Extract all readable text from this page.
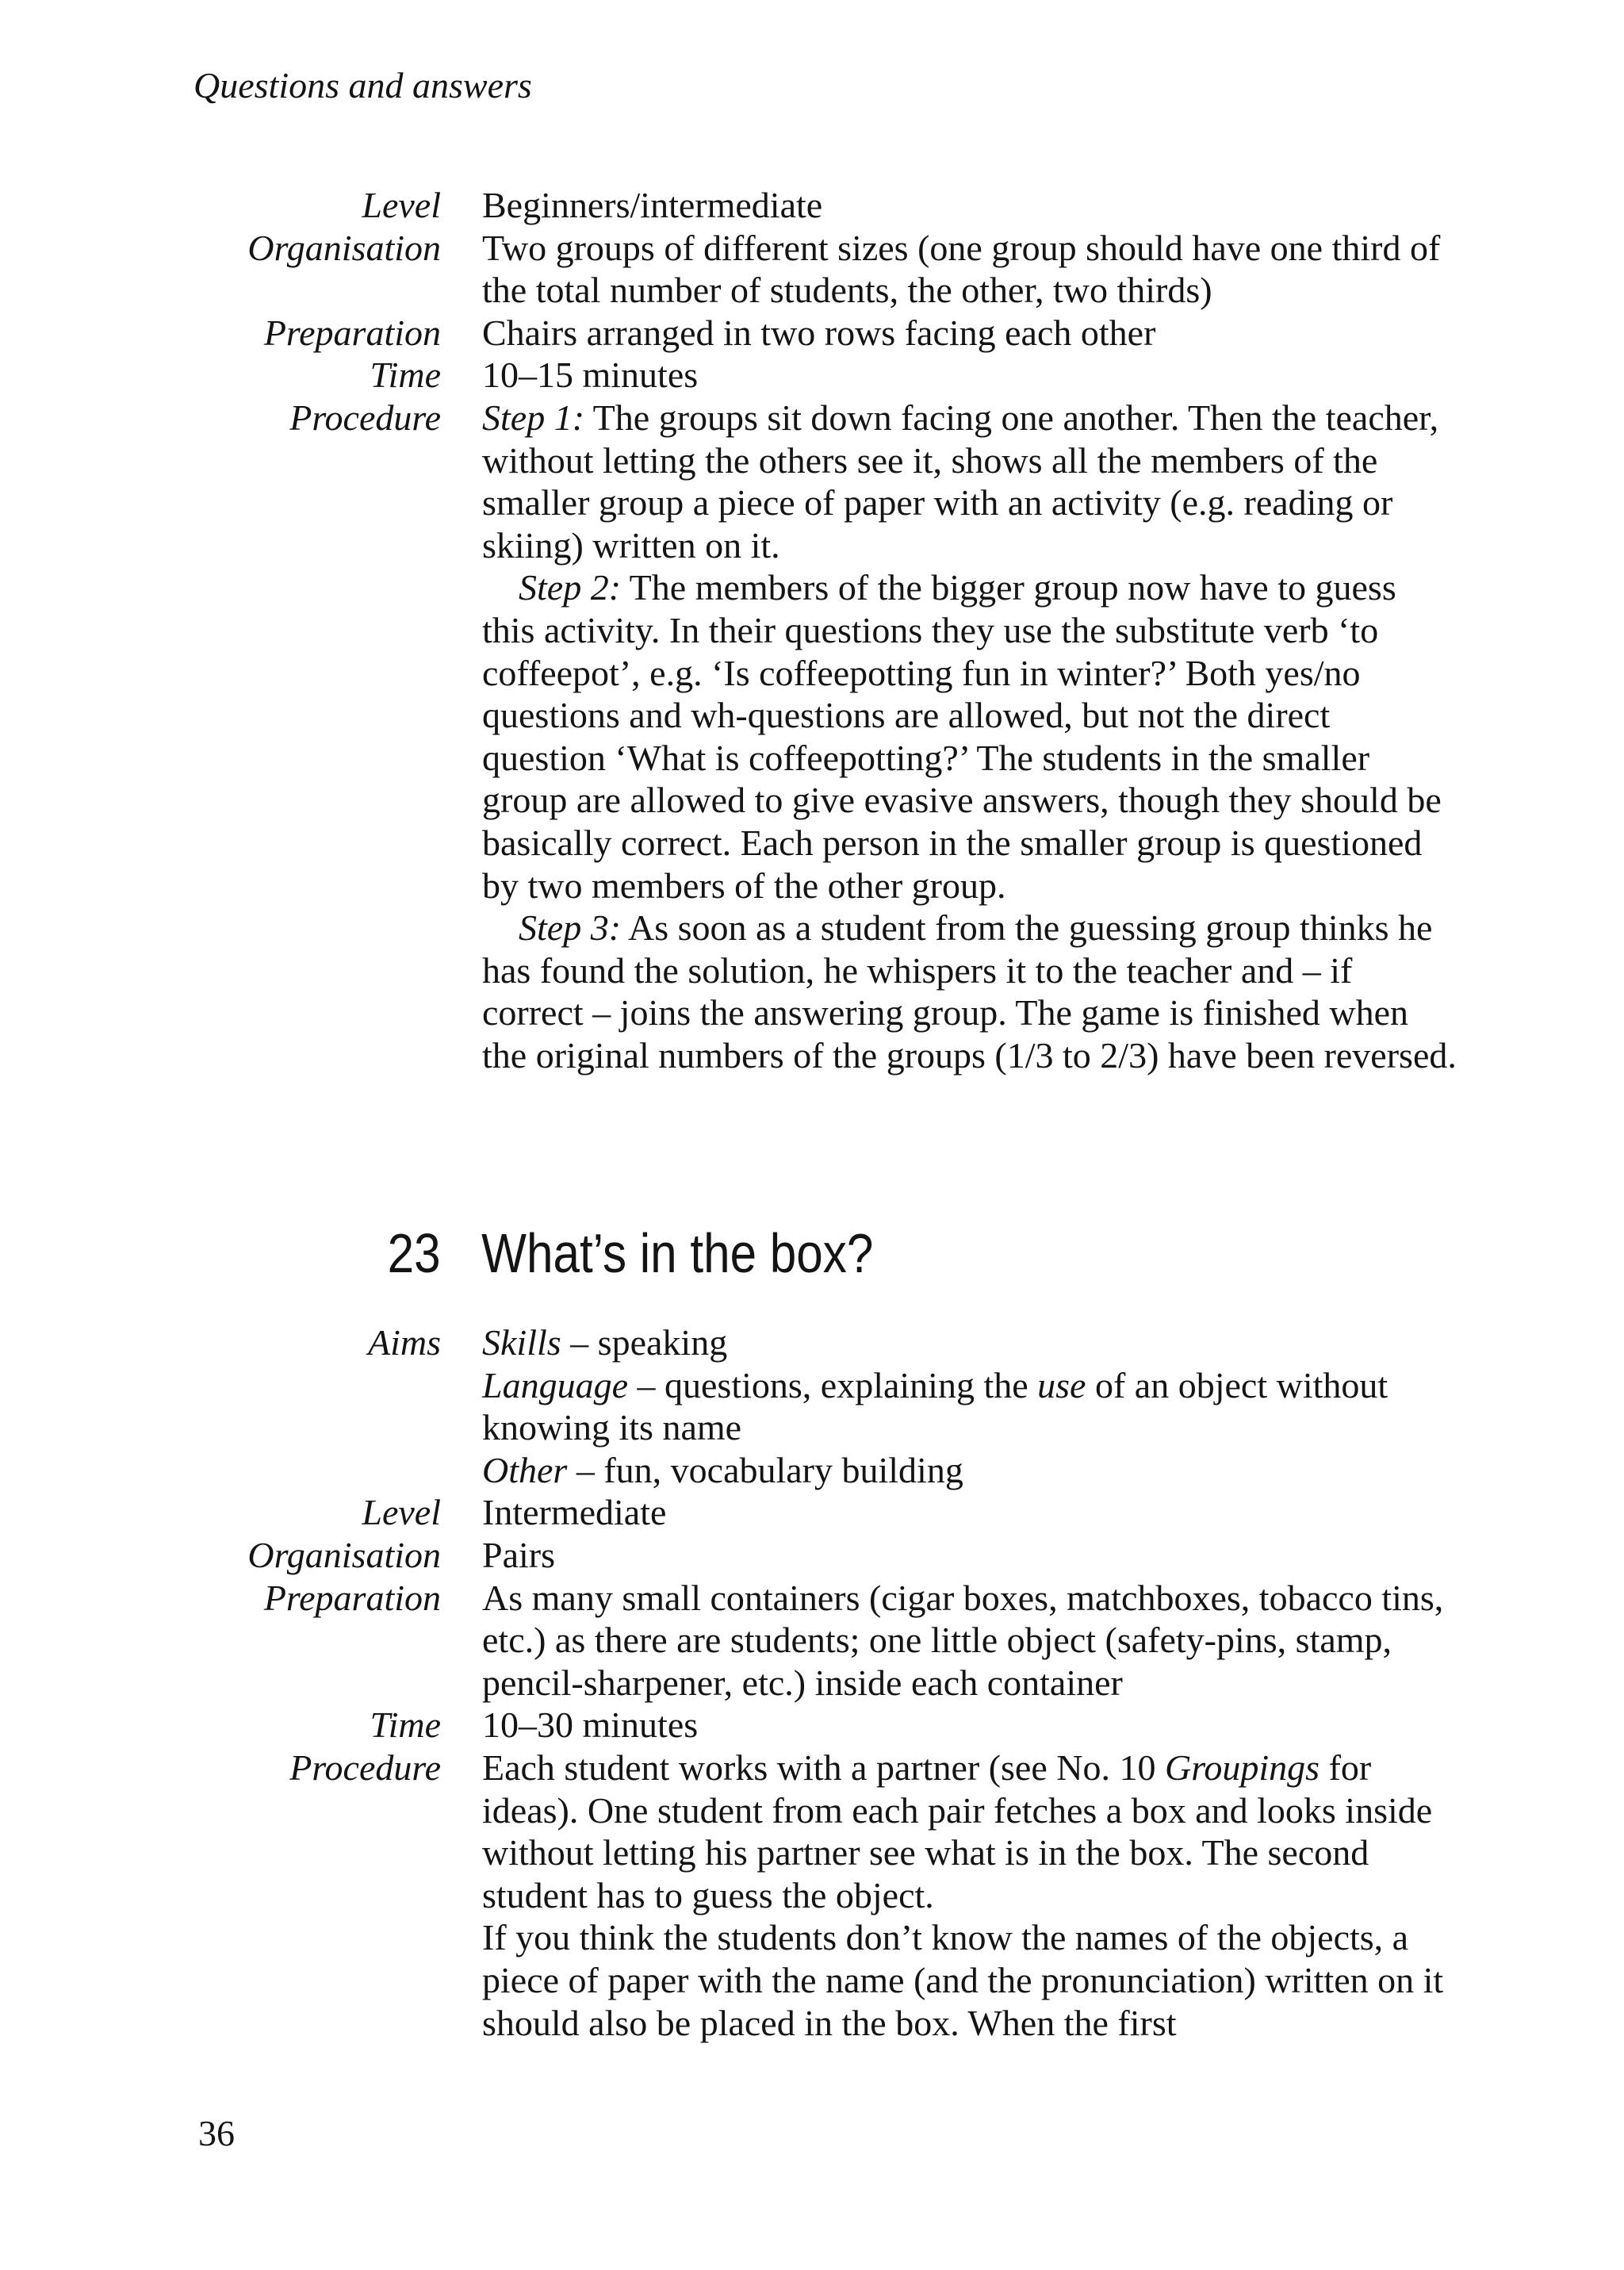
Questions and answers
Level Beginners/intermediate

Organisation Two groups of different sizes (one group should have one third of the total number of students, the other, two thirds)

Preparation Chairs arranged in two rows facing each other

Time 10–15 minutes

Procedure Step 1: The groups sit down facing one another. Then the teacher, without letting the others see it, shows all the members of the smaller group a piece of paper with an activity (e.g. reading or skiing) written on it.

Step 2: The members of the bigger group now have to guess this activity. In their questions they use the substitute verb ‘to coffeepot’, e.g. ‘Is coffeepotting fun in winter?’ Both yes/no questions and wh-questions are allowed, but not the direct question ‘What is coffeepotting?’ The students in the smaller group are allowed to give evasive answers, though they should be basically correct. Each person in the smaller group is questioned by two members of the other group.

Step 3: As soon as a student from the guessing group thinks he has found the solution, he whispers it to the teacher and – if correct – joins the answering group. The game is finished when the original numbers of the groups (1/3 to 2/3) have been reversed.

23 What’s in the box?
Aims Skills – speaking

Language – questions, explaining the use of an object without knowing its name

Other – fun, vocabulary building

Level Intermediate

Organisation Pairs

Preparation As many small containers (cigar boxes, matchboxes, tobacco tins, etc.) as there are students; one little object (safety-pins, stamp, pencil-sharpener, etc.) inside each container

Time 10–30 minutes

Procedure Each student works with a partner (see No. 10 Groupings for ideas). One student from each pair fetches a box and looks inside without letting his partner see what is in the box. The second student has to guess the object.

If you think the students don’t know the names of the objects, a piece of paper with the name (and the pronunciation) written on it should also be placed in the box. When the first

36
